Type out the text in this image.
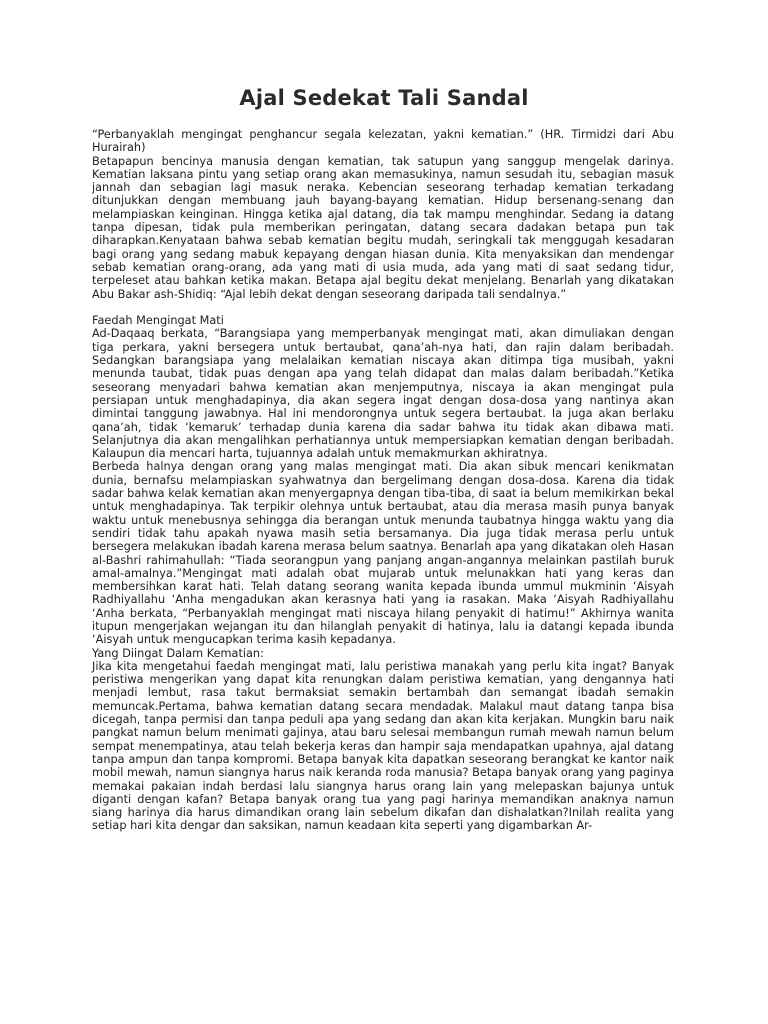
Ajal Sedekat Tali Sandal

“Perbanyaklah mengingat penghancur segala kelezatan, yakni kematian.” (HR. Tirmidzi dari Abu Hurairah)

Betapapun bencinya manusia dengan kematian, tak satupun yang sanggup mengelak darinya. Kematian laksana pintu yang setiap orang akan memasukinya, namun sesudah itu, sebagian masuk jannah dan sebagian lagi masuk neraka. Kebencian seseorang terhadap kematian terkadang ditunjukkan dengan membuang jauh bayang-bayang kematian. Hidup bersenang-senang dan melampiaskan keinginan. Hingga ketika ajal datang, dia tak mampu menghindar. Sedang ia datang tanpa dipesan, tidak pula memberikan peringatan, datang secara dadakan betapa pun tak diharapkan.Kenyataan bahwa sebab kematian begitu mudah, seringkali tak menggugah kesadaran bagi orang yang sedang mabuk kepayang dengan hiasan dunia. Kita menyaksikan dan mendengar sebab kematian orang-orang, ada yang mati di usia muda, ada yang mati di saat sedang tidur, terpeleset atau bahkan ketika makan. Betapa ajal begitu dekat menjelang. Benarlah yang dikatakan Abu Bakar ash-Shidiq: “Ajal lebih dekat dengan seseorang daripada tali sendalnya.”

Faedah Mengingat Mati

Ad-Daqaaq berkata, “Barangsiapa yang memperbanyak mengingat mati, akan dimuliakan dengan tiga perkara, yakni bersegera untuk bertaubat, qana’ah-nya hati, dan rajin dalam beribadah. Sedangkan barangsiapa yang melalaikan kematian niscaya akan ditimpa tiga musibah, yakni menunda taubat, tidak puas dengan apa yang telah didapat dan malas dalam beribadah.”Ketika seseorang menyadari bahwa kematian akan menjemputnya, niscaya ia akan mengingat pula persiapan untuk menghadapinya, dia akan segera ingat dengan dosa-dosa yang nantinya akan dimintai tanggung jawabnya. Hal ini mendorongnya untuk segera bertaubat. Ia juga akan berlaku qana’ah, tidak ‘kemaruk’ terhadap dunia karena dia sadar bahwa itu tidak akan dibawa mati. Selanjutnya dia akan mengalihkan perhatiannya untuk mempersiapkan kematian dengan beribadah. Kalaupun dia mencari harta, tujuannya adalah untuk memakmurkan akhiratnya.

Berbeda halnya dengan orang yang malas mengingat mati. Dia akan sibuk mencari kenikmatan dunia, bernafsu melampiaskan syahwatnya dan bergelimang dengan dosa-dosa. Karena dia tidak sadar bahwa kelak kematian akan menyergapnya dengan tiba-tiba, di saat ia belum memikirkan bekal untuk menghadapinya. Tak terpikir olehnya untuk bertaubat, atau dia merasa masih punya banyak waktu untuk menebusnya sehingga dia berangan untuk menunda taubatnya hingga waktu yang dia sendiri tidak tahu apakah nyawa masih setia bersamanya. Dia juga tidak merasa perlu untuk bersegera melakukan ibadah karena merasa belum saatnya. Benarlah apa yang dikatakan oleh Hasan al-Bashri rahimahullah: “Tiada seorangpun yang panjang angan-angannya melainkan pastilah buruk amal-amalnya.”Mengingat mati adalah obat mujarab untuk melunakkan hati yang keras dan membersihkan karat hati. Telah datang seorang wanita kepada ibunda ummul mukminin ‘Aisyah Radhiyallahu ‘Anha mengadukan akan kerasnya hati yang ia rasakan. Maka ‘Aisyah Radhiyallahu ‘Anha berkata, “Perbanyaklah mengingat mati niscaya hilang penyakit di hatimu!” Akhirnya wanita itupun mengerjakan wejangan itu dan hilanglah penyakit di hatinya, lalu ia datangi kepada ibunda ‘Aisyah untuk mengucapkan terima kasih kepadanya.

Yang Diingat Dalam Kematian:

Jika kita mengetahui faedah mengingat mati, lalu peristiwa manakah yang perlu kita ingat? Banyak peristiwa mengerikan yang dapat kita renungkan dalam peristiwa kematian, yang dengannya hati menjadi lembut, rasa takut bermaksiat semakin bertambah dan semangat ibadah semakin memuncak.Pertama, bahwa kematian datang secara mendadak. Malakul maut datang tanpa bisa dicegah, tanpa permisi dan tanpa peduli apa yang sedang dan akan kita kerjakan. Mungkin baru naik pangkat namun belum menimati gajinya, atau baru selesai membangun rumah mewah namun belum sempat menempatinya, atau telah bekerja keras dan hampir saja mendapatkan upahnya, ajal datang tanpa ampun dan tanpa kompromi. Betapa banyak kita dapatkan seseorang berangkat ke kantor naik mobil mewah, namun siangnya harus naik keranda roda manusia? Betapa banyak orang yang paginya memakai pakaian indah berdasi lalu siangnya harus orang lain yang melepaskan bajunya untuk diganti dengan kafan? Betapa banyak orang tua yang pagi harinya memandikan anaknya namun siang harinya dia harus dimandikan orang lain sebelum dikafan dan dishalatkan?Inilah realita yang setiap hari kita dengar dan saksikan, namun keadaan kita seperti yang digambarkan Ar-
